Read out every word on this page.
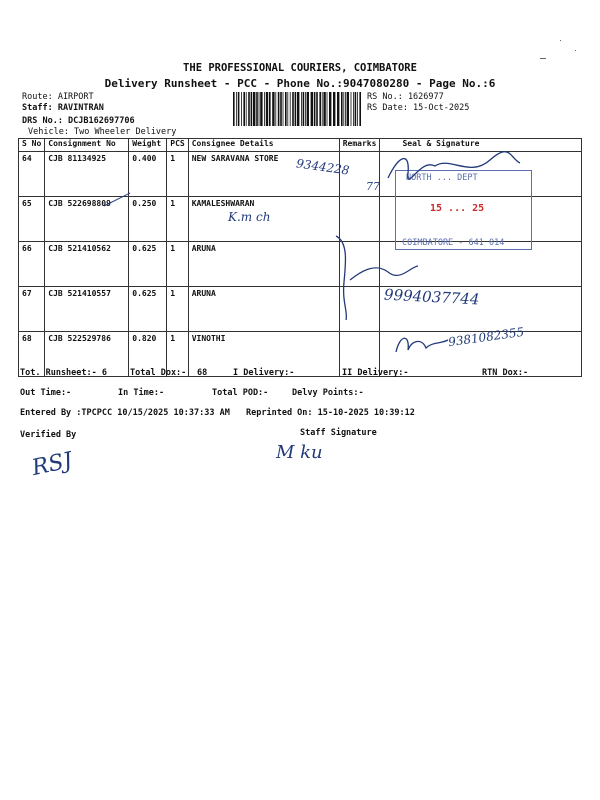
THE PROFESSIONAL COURIERS, COIMBATORE
Delivery Runsheet - PCC - Phone No.:9047080280 - Page No.:6
Route: AIRPORT
Staff: RAVINTRAN
DRS No.: DCJB162697706
Vehicle: Two Wheeler Delivery
RS No.: 1626977
RS Date: 15-Oct-2025
S No	Consignment No	Weight	PCS	Consignee Details	Remarks	Seal & Signature
64	CJB 81134925	0.400	1	NEW SARAVANA STORE		
65	CJB 522698809	0.250	1	KAMALESHWARAN		
66	CJB 521410562	0.625	1	ARUNA		
67	CJB 521410557	0.625	1	ARUNA		
68	CJB 522529786	0.820	1	VINOTHI		
NORTH ... DEPT
15 ... 25
COIMBATORE - 641 014
9344228
77
K.m ch
9994037744
9381082355
Tot. Runsheet:- 6	Total Dox:- 68	I Delivery:-	II Delivery:-	RTN Dox:-
Out Time:-	In Time:-	Total POD:-	Delvy Points:-
Entered By :TPCPCC 10/15/2025 10:37:33 AM Reprinted On: 15-10-2025 10:39:12
Verified By	Staff Signature
RSJ	M ku
